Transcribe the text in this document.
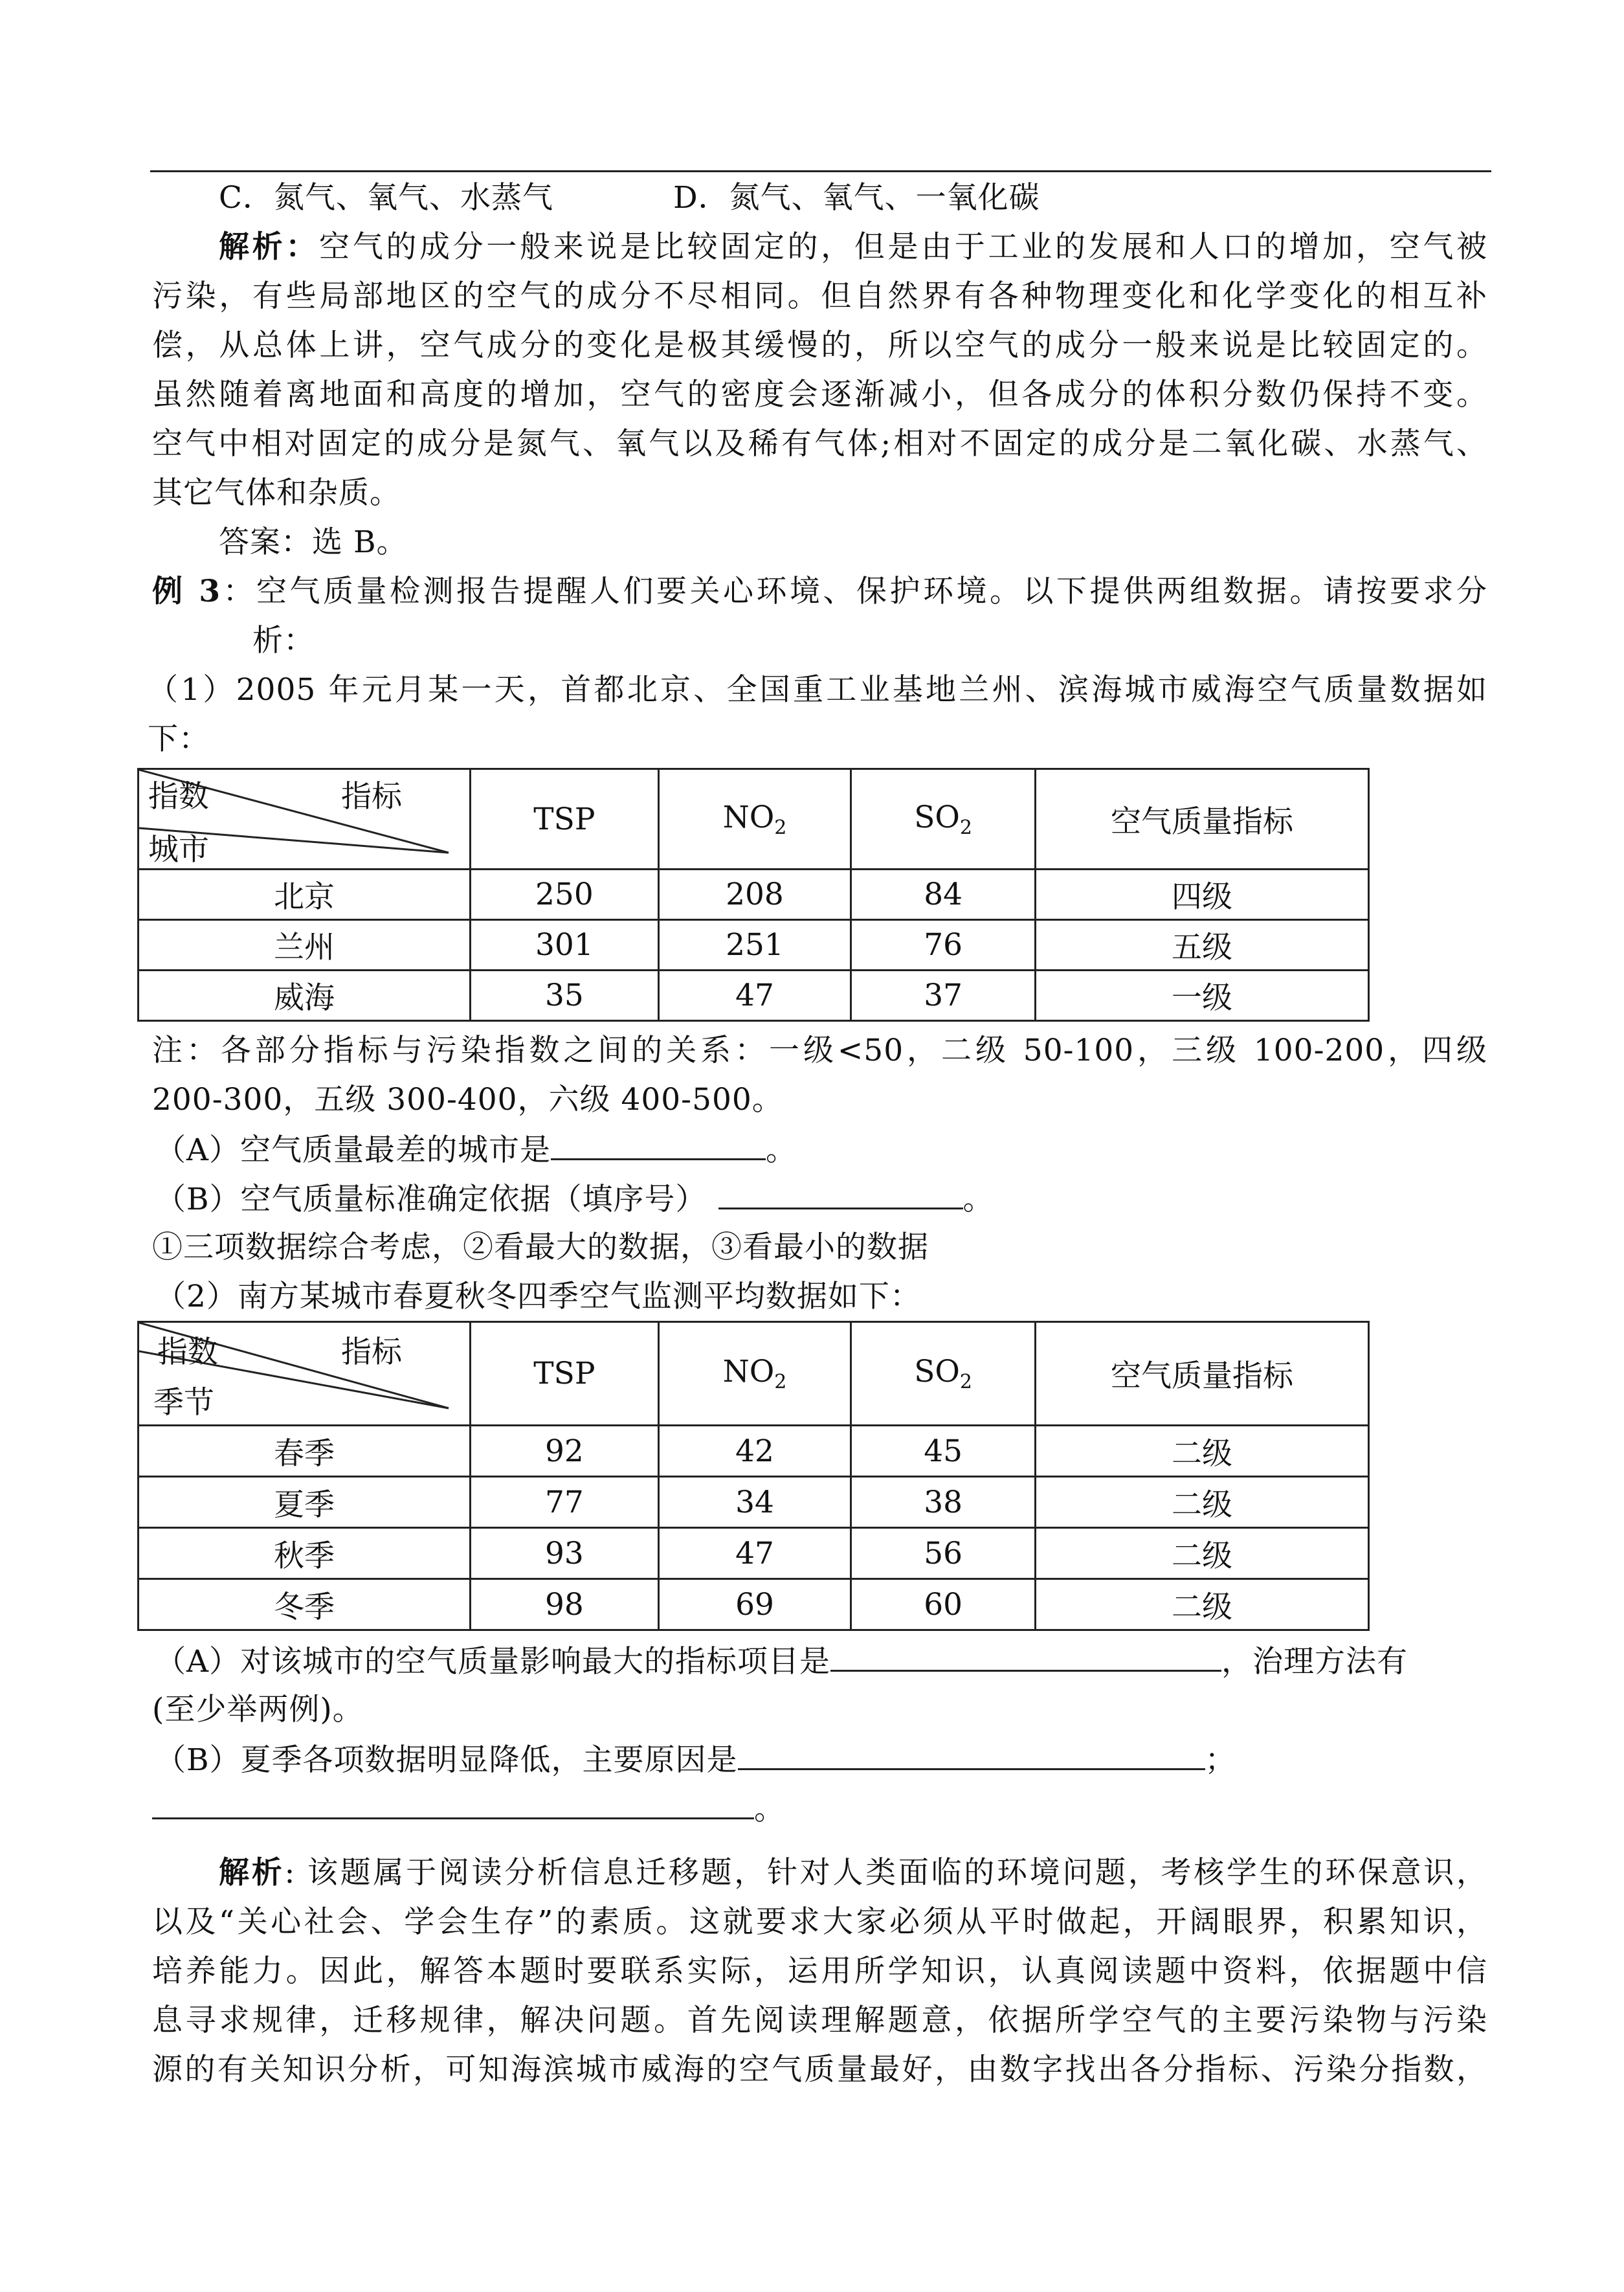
C．氮气、氧气、水蒸气	D．氮气、氧气、一氧化碳
解析：空气的成分一般来说是比较固定的，但是由于工业的发展和人口的增加，空气被
污染，有些局部地区的空气的成分不尽相同。但自然界有各种物理变化和化学变化的相互补
偿，从总体上讲，空气成分的变化是极其缓慢的，所以空气的成分一般来说是比较固定的。
虽然随着离地面和高度的增加，空气的密度会逐渐减小，但各成分的体积分数仍保持不变。
空气中相对固定的成分是氮气、氧气以及稀有气体;相对不固定的成分是二氧化碳、水蒸气、
其它气体和杂质。
答案：选 B。
例 3：空气质量检测报告提醒人们要关心环境、保护环境。以下提供两组数据。请按要求分
析：
（1）2005 年元月某一天，首都北京、全国重工业基地兰州、滨海城市威海空气质量数据如
下：
指数 指标
城市	TSP	$NO_2$	$SO_2$	空气质量指标
北京	250	208	84	四级
兰州	301	251	76	五级
威海	35	47	37	一级
注：各部分指标与污染指数之间的关系：一级<50，二级 50-100，三级 100-200，四级
200-300，五级 300-400，六级 400-500。
（A）空气质量最差的城市是	。
（B）空气质量标准确定依据（填序号）	。
①三项数据综合考虑，②看最大的数据，③看最小的数据
（2）南方某城市春夏秋冬四季空气监测平均数据如下：
指数 指标
季节	TSP	$NO_2$	$SO_2$	空气质量指标
春季	92	42	45	二级
夏季	77	34	38	二级
秋季	93	47	56	二级
冬季	98	69	60	二级
（A）对该城市的空气质量影响最大的指标项目是	，治理方法有
(至少举两例)。
（B）夏季各项数据明显降低，主要原因是	；
。
解析: 该题属于阅读分析信息迁移题，针对人类面临的环境问题，考核学生的环保意识，
以及“关心社会、学会生存”的素质。这就要求大家必须从平时做起，开阔眼界，积累知识，
培养能力。因此，解答本题时要联系实际，运用所学知识，认真阅读题中资料，依据题中信
息寻求规律，迁移规律，解决问题。首先阅读理解题意，依据所学空气的主要污染物与污染
源的有关知识分析，可知海滨城市威海的空气质量最好，由数字找出各分指标、污染分指数，
